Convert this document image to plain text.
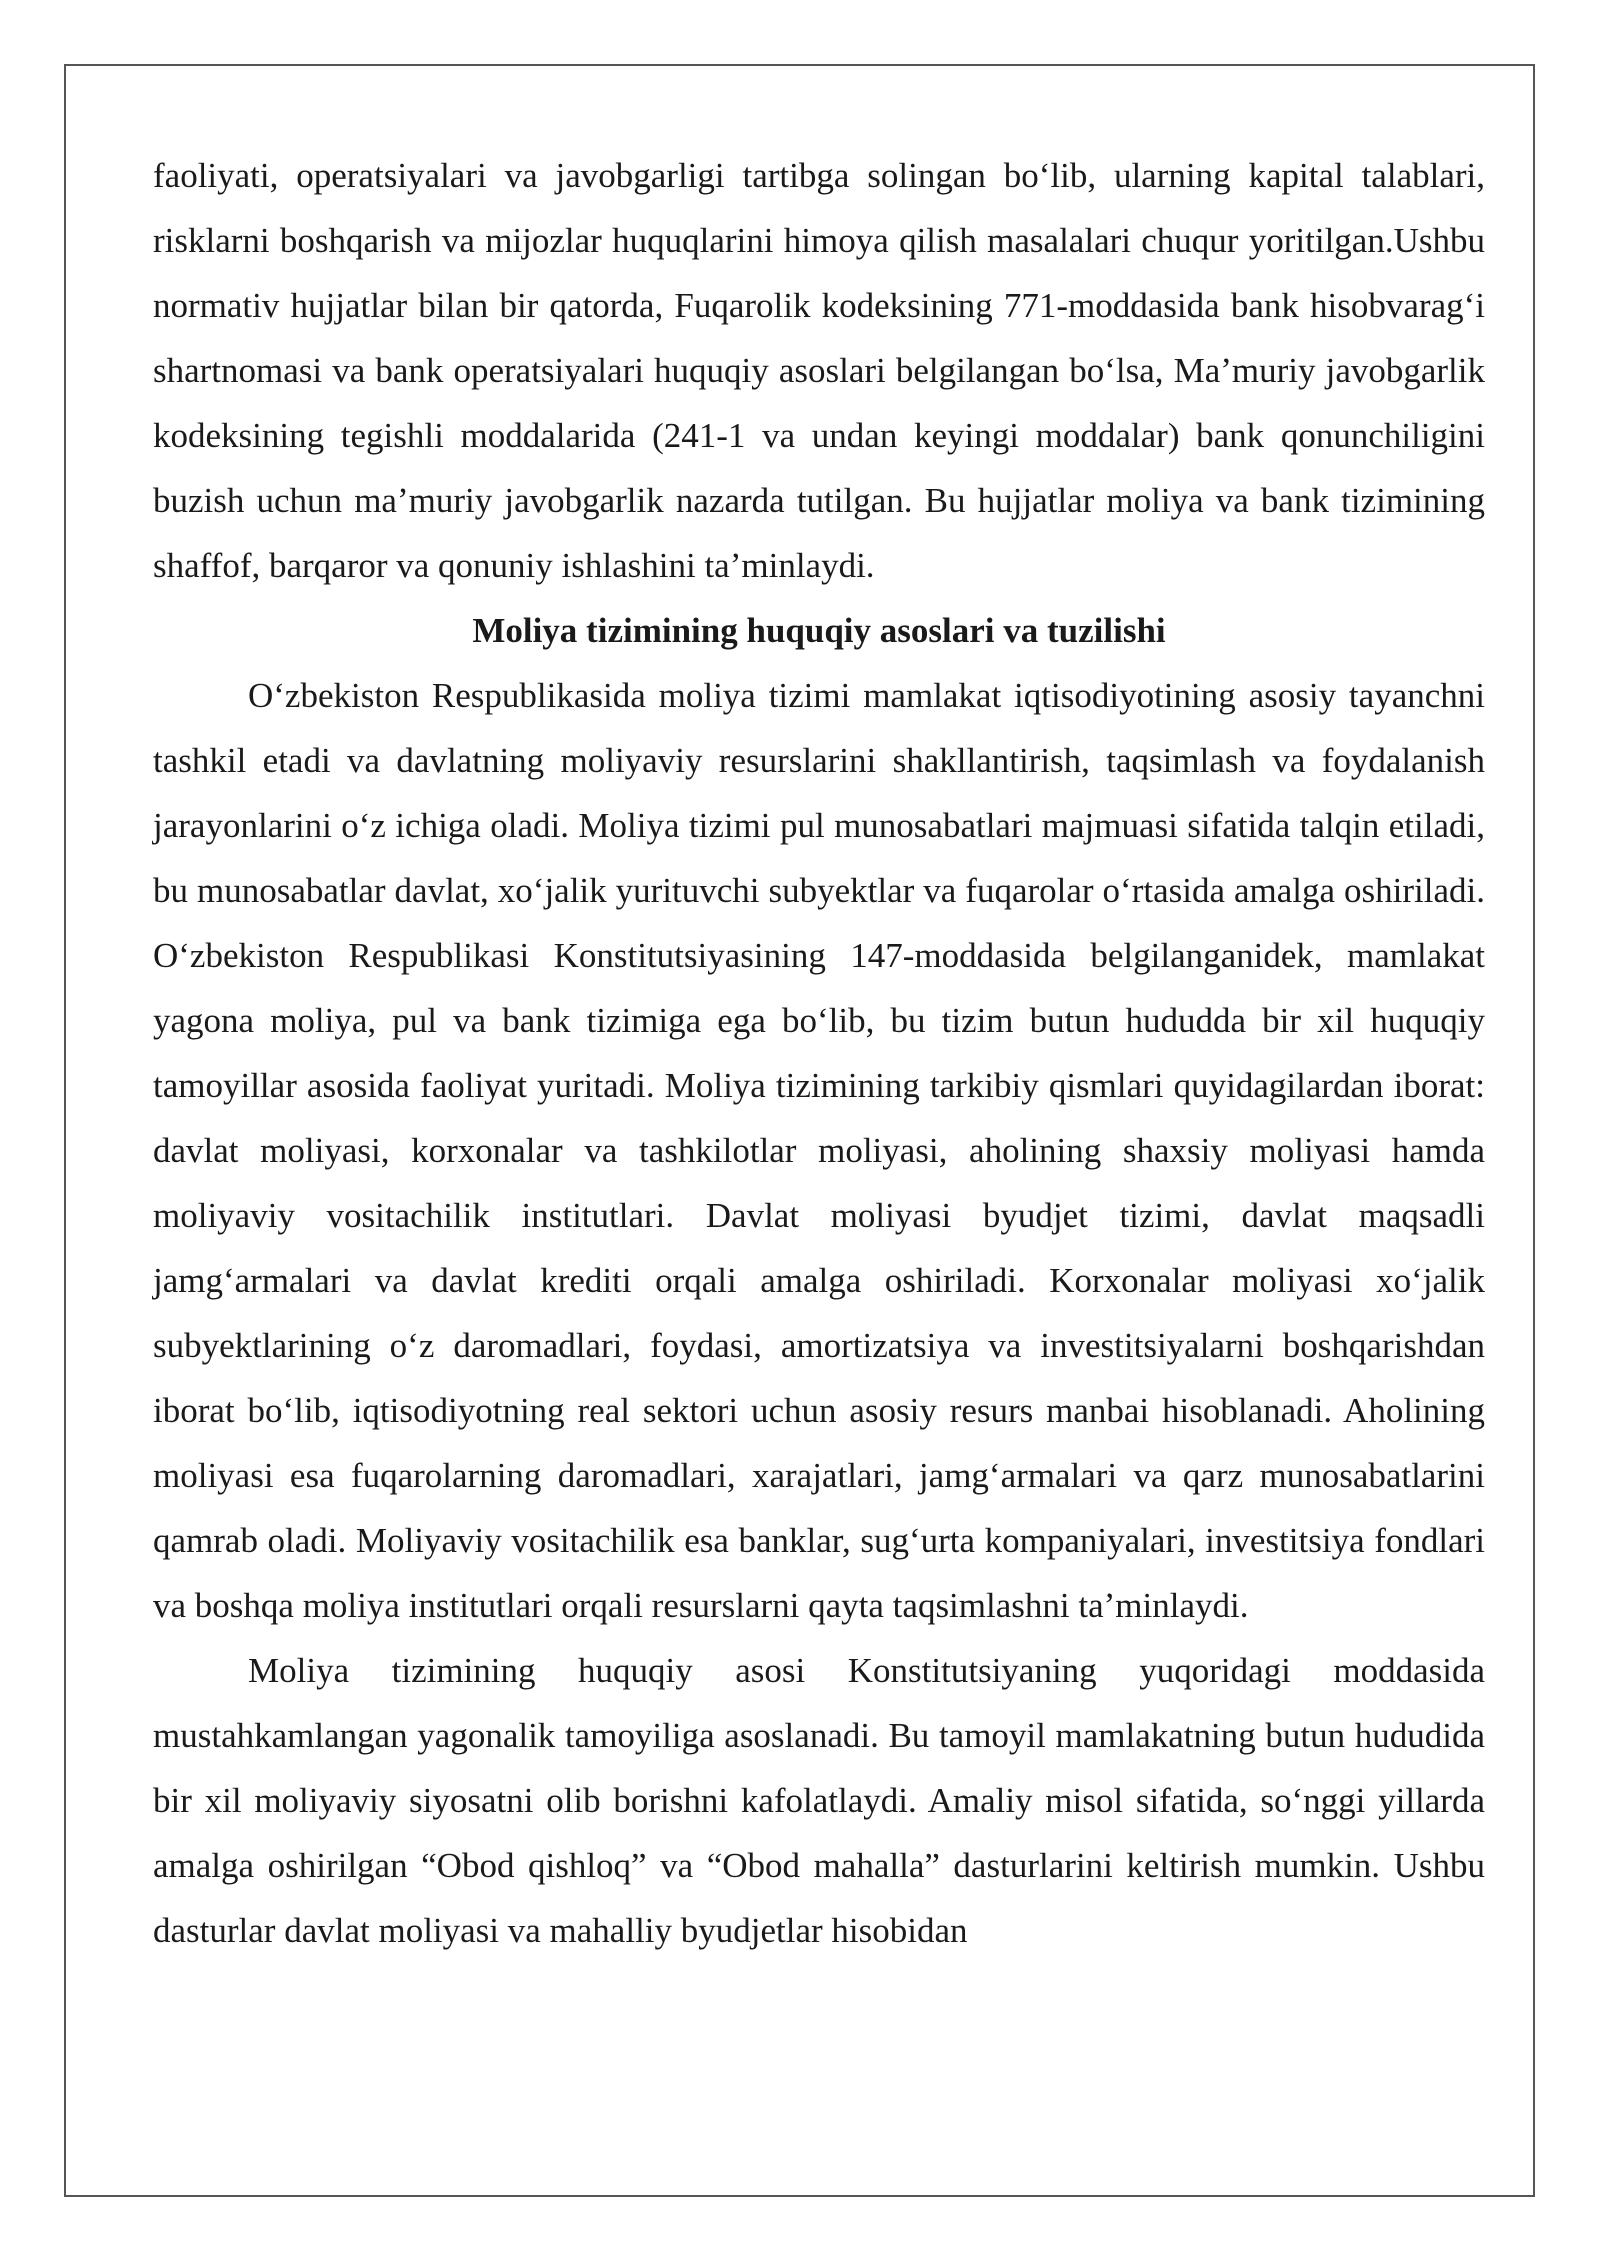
faoliyati, operatsiyalari va javobgarligi tartibga solingan boʻlib, ularning kapital talablari, risklarni boshqarish va mijozlar huquqlarini himoya qilish masalalari chuqur yoritilgan.Ushbu normativ hujjatlar bilan bir qatorda, Fuqarolik kodeksining 771-moddasida bank hisobvaragʻi shartnomasi va bank operatsiyalari huquqiy asoslari belgilangan boʻlsa, Maʼmuriy javobgarlik kodeksining tegishli moddalarida (241-1 va undan keyingi moddalar) bank qonunchiligini buzish uchun maʼmuriy javobgarlik nazarda tutilgan. Bu hujjatlar moliya va bank tizimining shaffof, barqaror va qonuniy ishlashini taʼminlaydi.

Moliya tizimining huquqiy asoslari va tuzilishi

Oʻzbekiston Respublikasida moliya tizimi mamlakat iqtisodiyotining asosiy tayanchni tashkil etadi va davlatning moliyaviy resurslarini shakllantirish, taqsimlash va foydalanish jarayonlarini oʻz ichiga oladi. Moliya tizimi pul munosabatlari majmuasi sifatida talqin etiladi, bu munosabatlar davlat, xoʻjalik yurituvchi subyektlar va fuqarolar oʻrtasida amalga oshiriladi. Oʻzbekiston Respublikasi Konstitutsiyasining 147-moddasida belgilanganidek, mamlakat yagona moliya, pul va bank tizimiga ega boʻlib, bu tizim butun hududda bir xil huquqiy tamoyillar asosida faoliyat yuritadi. Moliya tizimining tarkibiy qismlari quyidagilardan iborat: davlat moliyasi, korxonalar va tashkilotlar moliyasi, aholining shaxsiy moliyasi hamda moliyaviy vositachilik institutlari. Davlat moliyasi byudjet tizimi, davlat maqsadli jamgʻarmalari va davlat krediti orqali amalga oshiriladi. Korxonalar moliyasi xoʻjalik subyektlarining oʻz daromadlari, foydasi, amortizatsiya va investitsiyalarni boshqarishdan iborat boʻlib, iqtisodiyotning real sektori uchun asosiy resurs manbai hisoblanadi. Aholining moliyasi esa fuqarolarning daromadlari, xarajatlari, jamgʻarmalari va qarz munosabatlarini qamrab oladi. Moliyaviy vositachilik esa banklar, sugʻurta kompaniyalari, investitsiya fondlari va boshqa moliya institutlari orqali resurslarni qayta taqsimlashni taʼminlaydi.

Moliya tizimining huquqiy asosi Konstitutsiyaning yuqoridagi moddasida mustahkamlangan yagonalik tamoyiliga asoslanadi. Bu tamoyil mamlakatning butun hududida bir xil moliyaviy siyosatni olib borishni kafolatlaydi. Amaliy misol sifatida, soʻnggi yillarda amalga oshirilgan “Obod qishloq” va “Obod mahalla” dasturlarini keltirish mumkin. Ushbu dasturlar davlat moliyasi va mahalliy byudjetlar hisobidan
